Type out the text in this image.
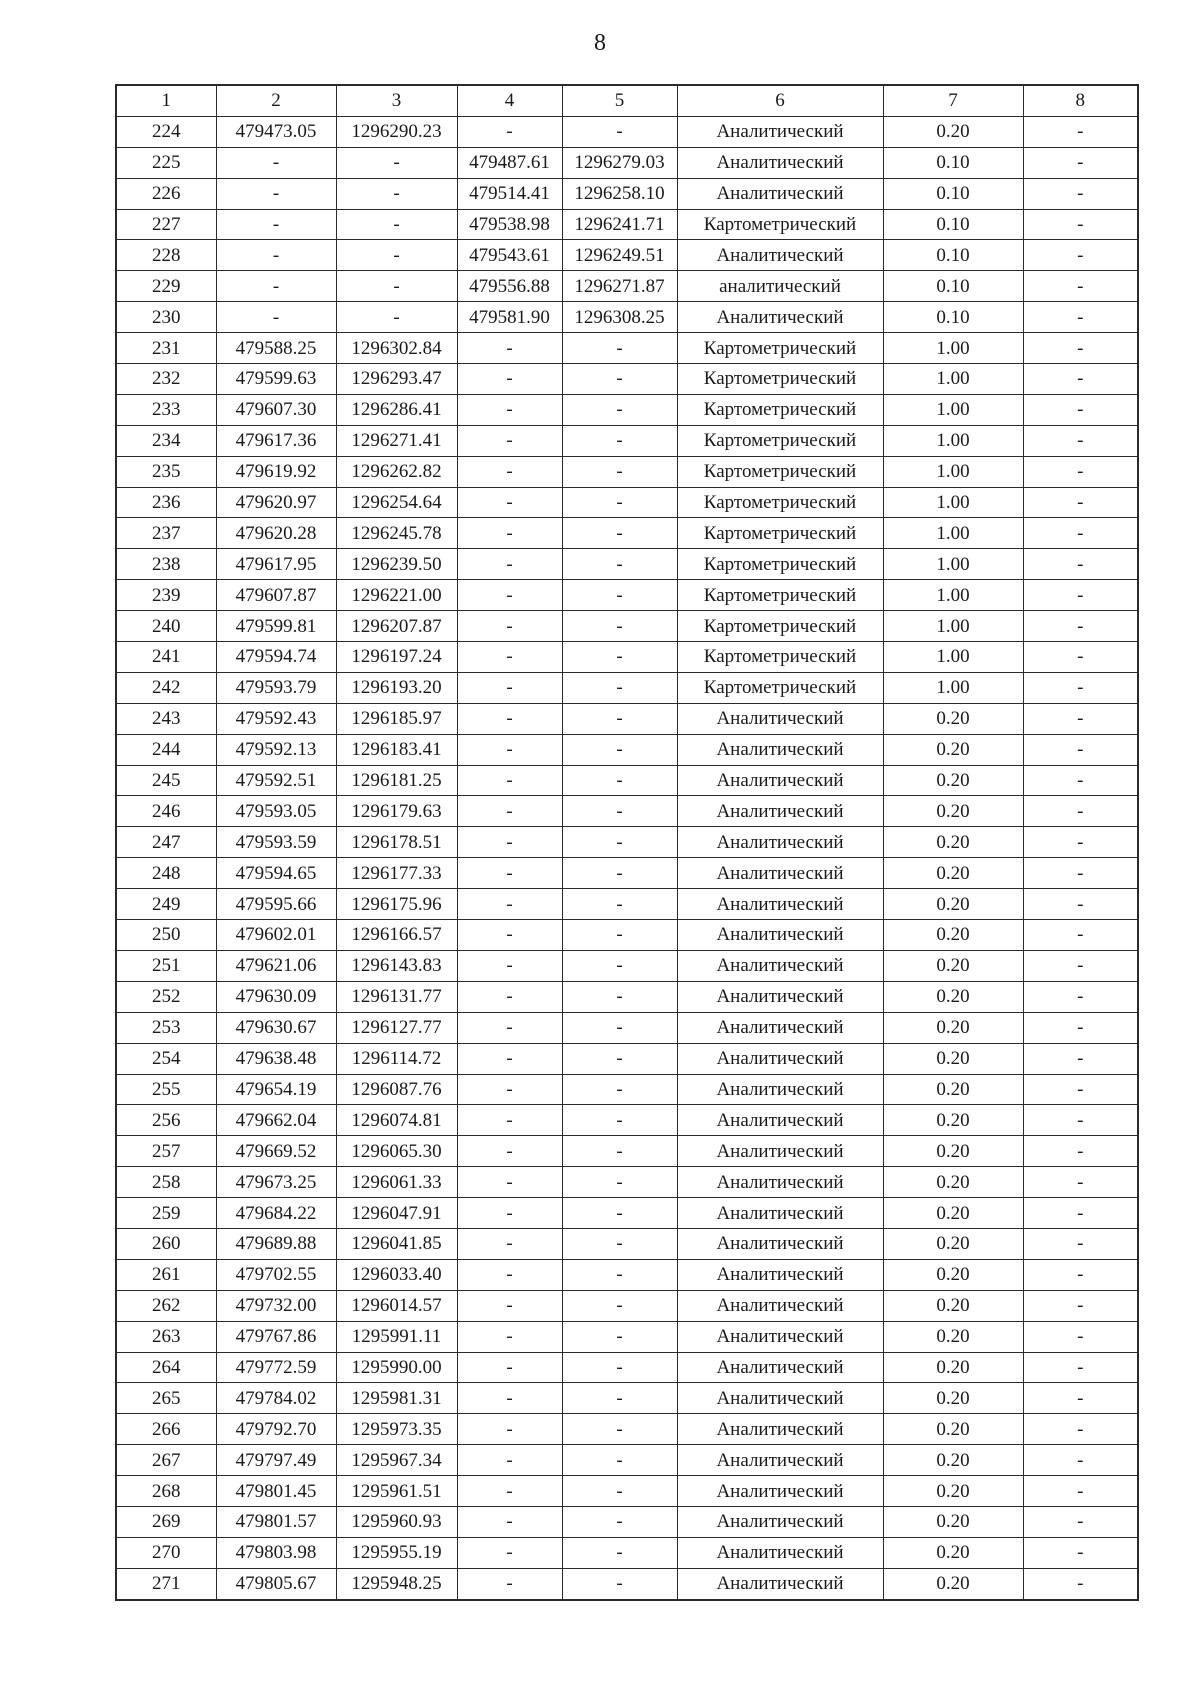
8
1	2	3	4	5	6	7	8
224	479473.05	1296290.23	-	-	Аналитический	0.20	-
225	-	-	479487.61	1296279.03	Аналитический	0.10	-
226	-	-	479514.41	1296258.10	Аналитический	0.10	-
227	-	-	479538.98	1296241.71	Картометрический	0.10	-
228	-	-	479543.61	1296249.51	Аналитический	0.10	-
229	-	-	479556.88	1296271.87	аналитический	0.10	-
230	-	-	479581.90	1296308.25	Аналитический	0.10	-
231	479588.25	1296302.84	-	-	Картометрический	1.00	-
232	479599.63	1296293.47	-	-	Картометрический	1.00	-
233	479607.30	1296286.41	-	-	Картометрический	1.00	-
234	479617.36	1296271.41	-	-	Картометрический	1.00	-
235	479619.92	1296262.82	-	-	Картометрический	1.00	-
236	479620.97	1296254.64	-	-	Картометрический	1.00	-
237	479620.28	1296245.78	-	-	Картометрический	1.00	-
238	479617.95	1296239.50	-	-	Картометрический	1.00	-
239	479607.87	1296221.00	-	-	Картометрический	1.00	-
240	479599.81	1296207.87	-	-	Картометрический	1.00	-
241	479594.74	1296197.24	-	-	Картометрический	1.00	-
242	479593.79	1296193.20	-	-	Картометрический	1.00	-
243	479592.43	1296185.97	-	-	Аналитический	0.20	-
244	479592.13	1296183.41	-	-	Аналитический	0.20	-
245	479592.51	1296181.25	-	-	Аналитический	0.20	-
246	479593.05	1296179.63	-	-	Аналитический	0.20	-
247	479593.59	1296178.51	-	-	Аналитический	0.20	-
248	479594.65	1296177.33	-	-	Аналитический	0.20	-
249	479595.66	1296175.96	-	-	Аналитический	0.20	-
250	479602.01	1296166.57	-	-	Аналитический	0.20	-
251	479621.06	1296143.83	-	-	Аналитический	0.20	-
252	479630.09	1296131.77	-	-	Аналитический	0.20	-
253	479630.67	1296127.77	-	-	Аналитический	0.20	-
254	479638.48	1296114.72	-	-	Аналитический	0.20	-
255	479654.19	1296087.76	-	-	Аналитический	0.20	-
256	479662.04	1296074.81	-	-	Аналитический	0.20	-
257	479669.52	1296065.30	-	-	Аналитический	0.20	-
258	479673.25	1296061.33	-	-	Аналитический	0.20	-
259	479684.22	1296047.91	-	-	Аналитический	0.20	-
260	479689.88	1296041.85	-	-	Аналитический	0.20	-
261	479702.55	1296033.40	-	-	Аналитический	0.20	-
262	479732.00	1296014.57	-	-	Аналитический	0.20	-
263	479767.86	1295991.11	-	-	Аналитический	0.20	-
264	479772.59	1295990.00	-	-	Аналитический	0.20	-
265	479784.02	1295981.31	-	-	Аналитический	0.20	-
266	479792.70	1295973.35	-	-	Аналитический	0.20	-
267	479797.49	1295967.34	-	-	Аналитический	0.20	-
268	479801.45	1295961.51	-	-	Аналитический	0.20	-
269	479801.57	1295960.93	-	-	Аналитический	0.20	-
270	479803.98	1295955.19	-	-	Аналитический	0.20	-
271	479805.67	1295948.25	-	-	Аналитический	0.20	-
